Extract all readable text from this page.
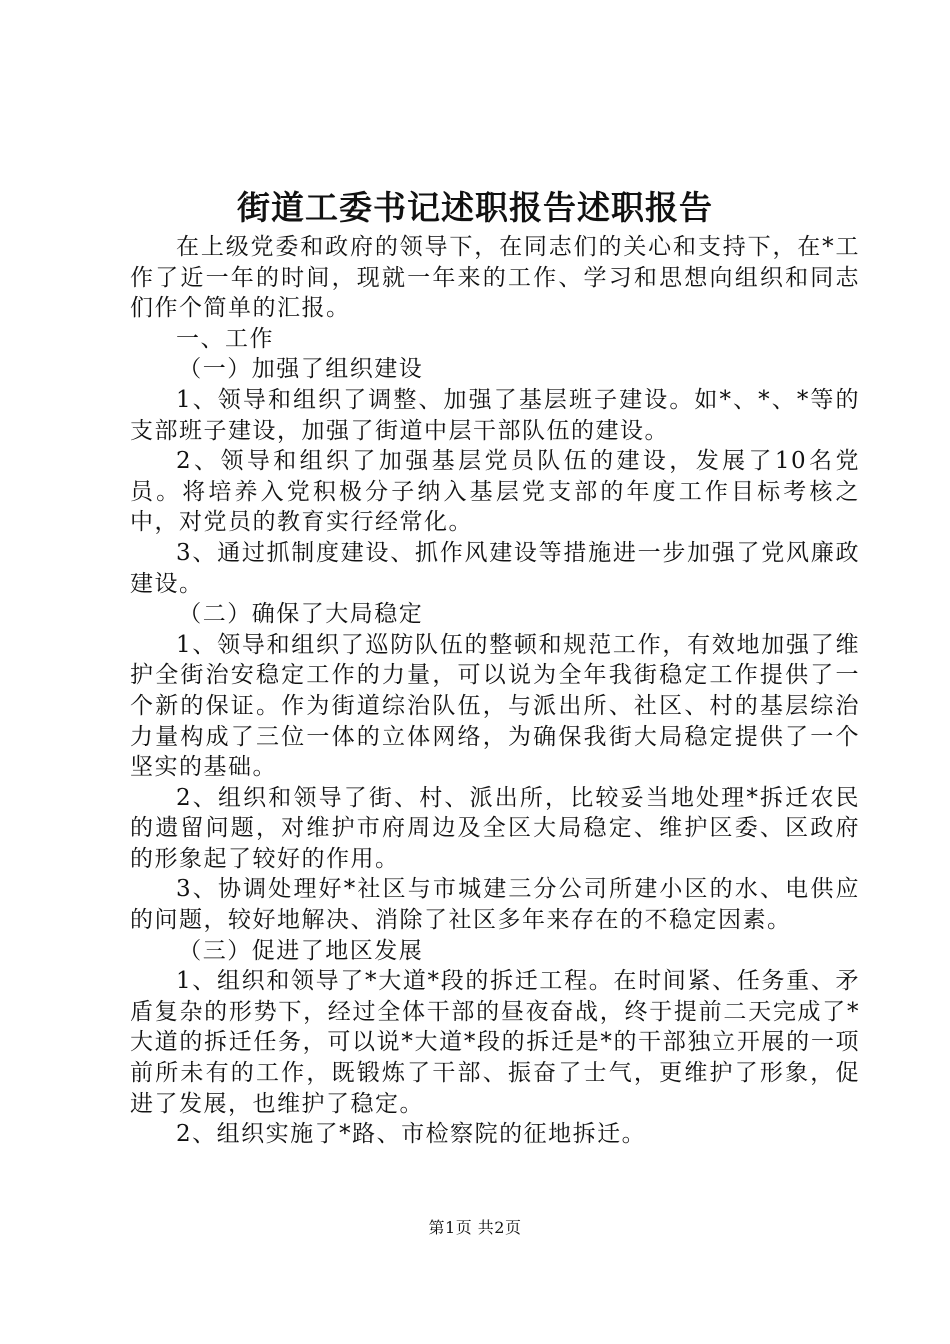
街道工委书记述职报告述职报告

在上级党委和政府的领导下，在同志们的关心和支持下，在*工作了近一年的时间，现就一年来的工作、学习和思想向组织和同志们作个简单的汇报。

一、工作

（一）加强了组织建设

1、领导和组织了调整、加强了基层班子建设。如*、*、*等的支部班子建设，加强了街道中层干部队伍的建设。

2、领导和组织了加强基层党员队伍的建设，发展了10名党员。将培养入党积极分子纳入基层党支部的年度工作目标考核之中，对党员的教育实行经常化。

3、通过抓制度建设、抓作风建设等措施进一步加强了党风廉政建设。

（二）确保了大局稳定

1、领导和组织了巡防队伍的整顿和规范工作，有效地加强了维护全街治安稳定工作的力量，可以说为全年我街稳定工作提供了一个新的保证。作为街道综治队伍，与派出所、社区、村的基层综治力量构成了三位一体的立体网络，为确保我街大局稳定提供了一个坚实的基础。

2、组织和领导了街、村、派出所，比较妥当地处理*拆迁农民的遗留问题，对维护市府周边及全区大局稳定、维护区委、区政府的形象起了较好的作用。

3、协调处理好*社区与市城建三分公司所建小区的水、电供应的问题，较好地解决、消除了社区多年来存在的不稳定因素。

（三）促进了地区发展

1、组织和领导了*大道*段的拆迁工程。在时间紧、任务重、矛盾复杂的形势下，经过全体干部的昼夜奋战，终于提前二天完成了*大道的拆迁任务，可以说*大道*段的拆迁是*的干部独立开展的一项前所未有的工作，既锻炼了干部、振奋了士气，更维护了形象，促进了发展，也维护了稳定。

2、组织实施了*路、市检察院的征地拆迁。

第1页 共2页
